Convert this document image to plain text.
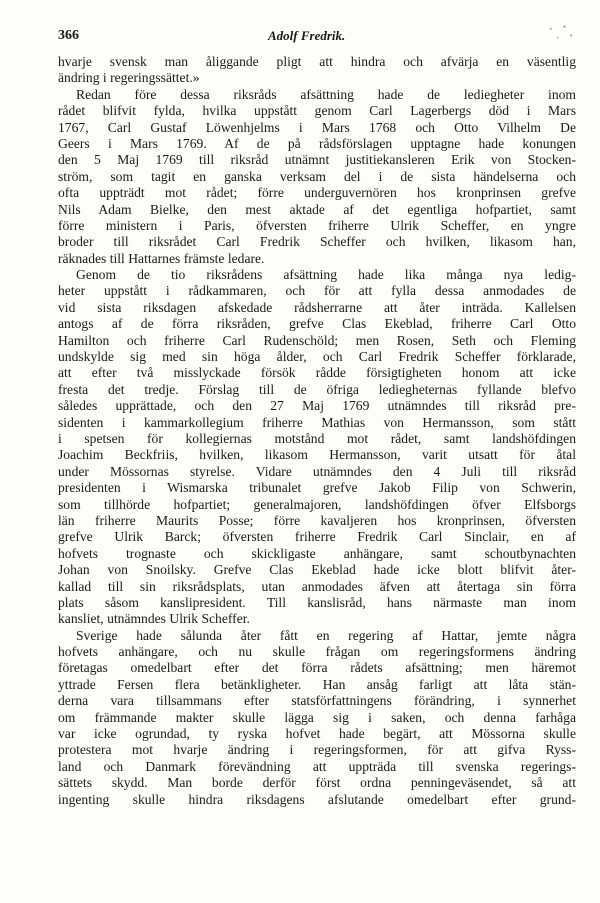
366	Adolf Fredrik.
hvarje svensk man åliggande pligt att hindra och afvärja en väsentlig
ändring i regeringssättet.»
Redan före dessa riksråds afsättning hade de lediegheter inom
rådet blifvit fylda, hvilka uppstått genom Carl Lagerbergs död i Mars
1767, Carl Gustaf Löwenhjelms i Mars 1768 och Otto Vilhelm De
Geers i Mars 1769. Af de på rådsförslagen upptagne hade konungen
den 5 Maj 1769 till riksråd utnämnt justitiekansleren Erik von Stocken-
ström, som tagit en ganska verksam del i de sista händelserna och
ofta uppträdt mot rådet; förre underguvernören hos kronprinsen grefve
Nils Adam Bielke, den mest aktade af det egentliga hofpartiet, samt
förre ministern i Paris, öfversten friherre Ulrik Scheffer, en yngre
broder till riksrådet Carl Fredrik Scheffer och hvilken, likasom han,
räknades till Hattarnes främste ledare.
Genom de tio riksrådens afsättning hade lika många nya ledig-
heter uppstått i rådkammaren, och för att fylla dessa anmodades de
vid sista riksdagen afskedade rådsherrarne att åter inträda. Kallelsen
antogs af de förra riksråden, grefve Clas Ekeblad, friherre Carl Otto
Hamilton och friherre Carl Rudenschöld; men Rosen, Seth och Fleming
undskylde sig med sin höga ålder, och Carl Fredrik Scheffer förklarade,
att efter två misslyckade försök rådde försigtigheten honom att icke
fresta det tredje. Förslag till de öfriga lediegheternas fyllande blefvo
således upprättade, och den 27 Maj 1769 utnämndes till riksråd pre-
sidenten i kammarkollegium friherre Mathias von Hermansson, som stått
i spetsen för kollegiernas motstånd mot rådet, samt landshöfdingen
Joachim Beckfriis, hvilken, likasom Hermansson, varit utsatt för åtal
under Mössornas styrelse. Vidare utnämndes den 4 Juli till riksråd
presidenten i Wismarska tribunalet grefve Jakob Filip von Schwerin,
som tillhörde hofpartiet; generalmajoren, landshöfdingen öfver Elfsborgs
län friherre Maurits Posse; förre kavaljeren hos kronprinsen, öfversten
grefve Ulrik Barck; öfversten friherre Fredrik Carl Sinclair, en af
hofvets trognaste och skickligaste anhängare, samt schoutbynachten
Johan von Snoilsky. Grefve Clas Ekeblad hade icke blott blifvit åter-
kallad till sin riksrådsplats, utan anmodades äfven att återtaga sin förra
plats såsom kanslipresident. Till kanslisråd, hans närmaste man inom
kansliet, utnämndes Ulrik Scheffer.
Sverige hade sålunda åter fått en regering af Hattar, jemte några
hofvets anhängare, och nu skulle frågan om regeringsformens ändring
företagas omedelbart efter det förra rådets afsättning; men häremot
yttrade Fersen flera betänkligheter. Han ansåg farligt att låta stän-
derna vara tillsammans efter statsförfattningens förändring, i synnerhet
om främmande makter skulle lägga sig i saken, och denna farhåga
var icke ogrundad, ty ryska hofvet hade begärt, att Mössorna skulle
protestera mot hvarje ändring i regeringsformen, för att gifva Ryss-
land och Danmark förevändning att uppträda till svenska regerings-
sättets skydd. Man borde derför först ordna penningeväsendet, så att
ingenting skulle hindra riksdagens afslutande omedelbart efter grund-
